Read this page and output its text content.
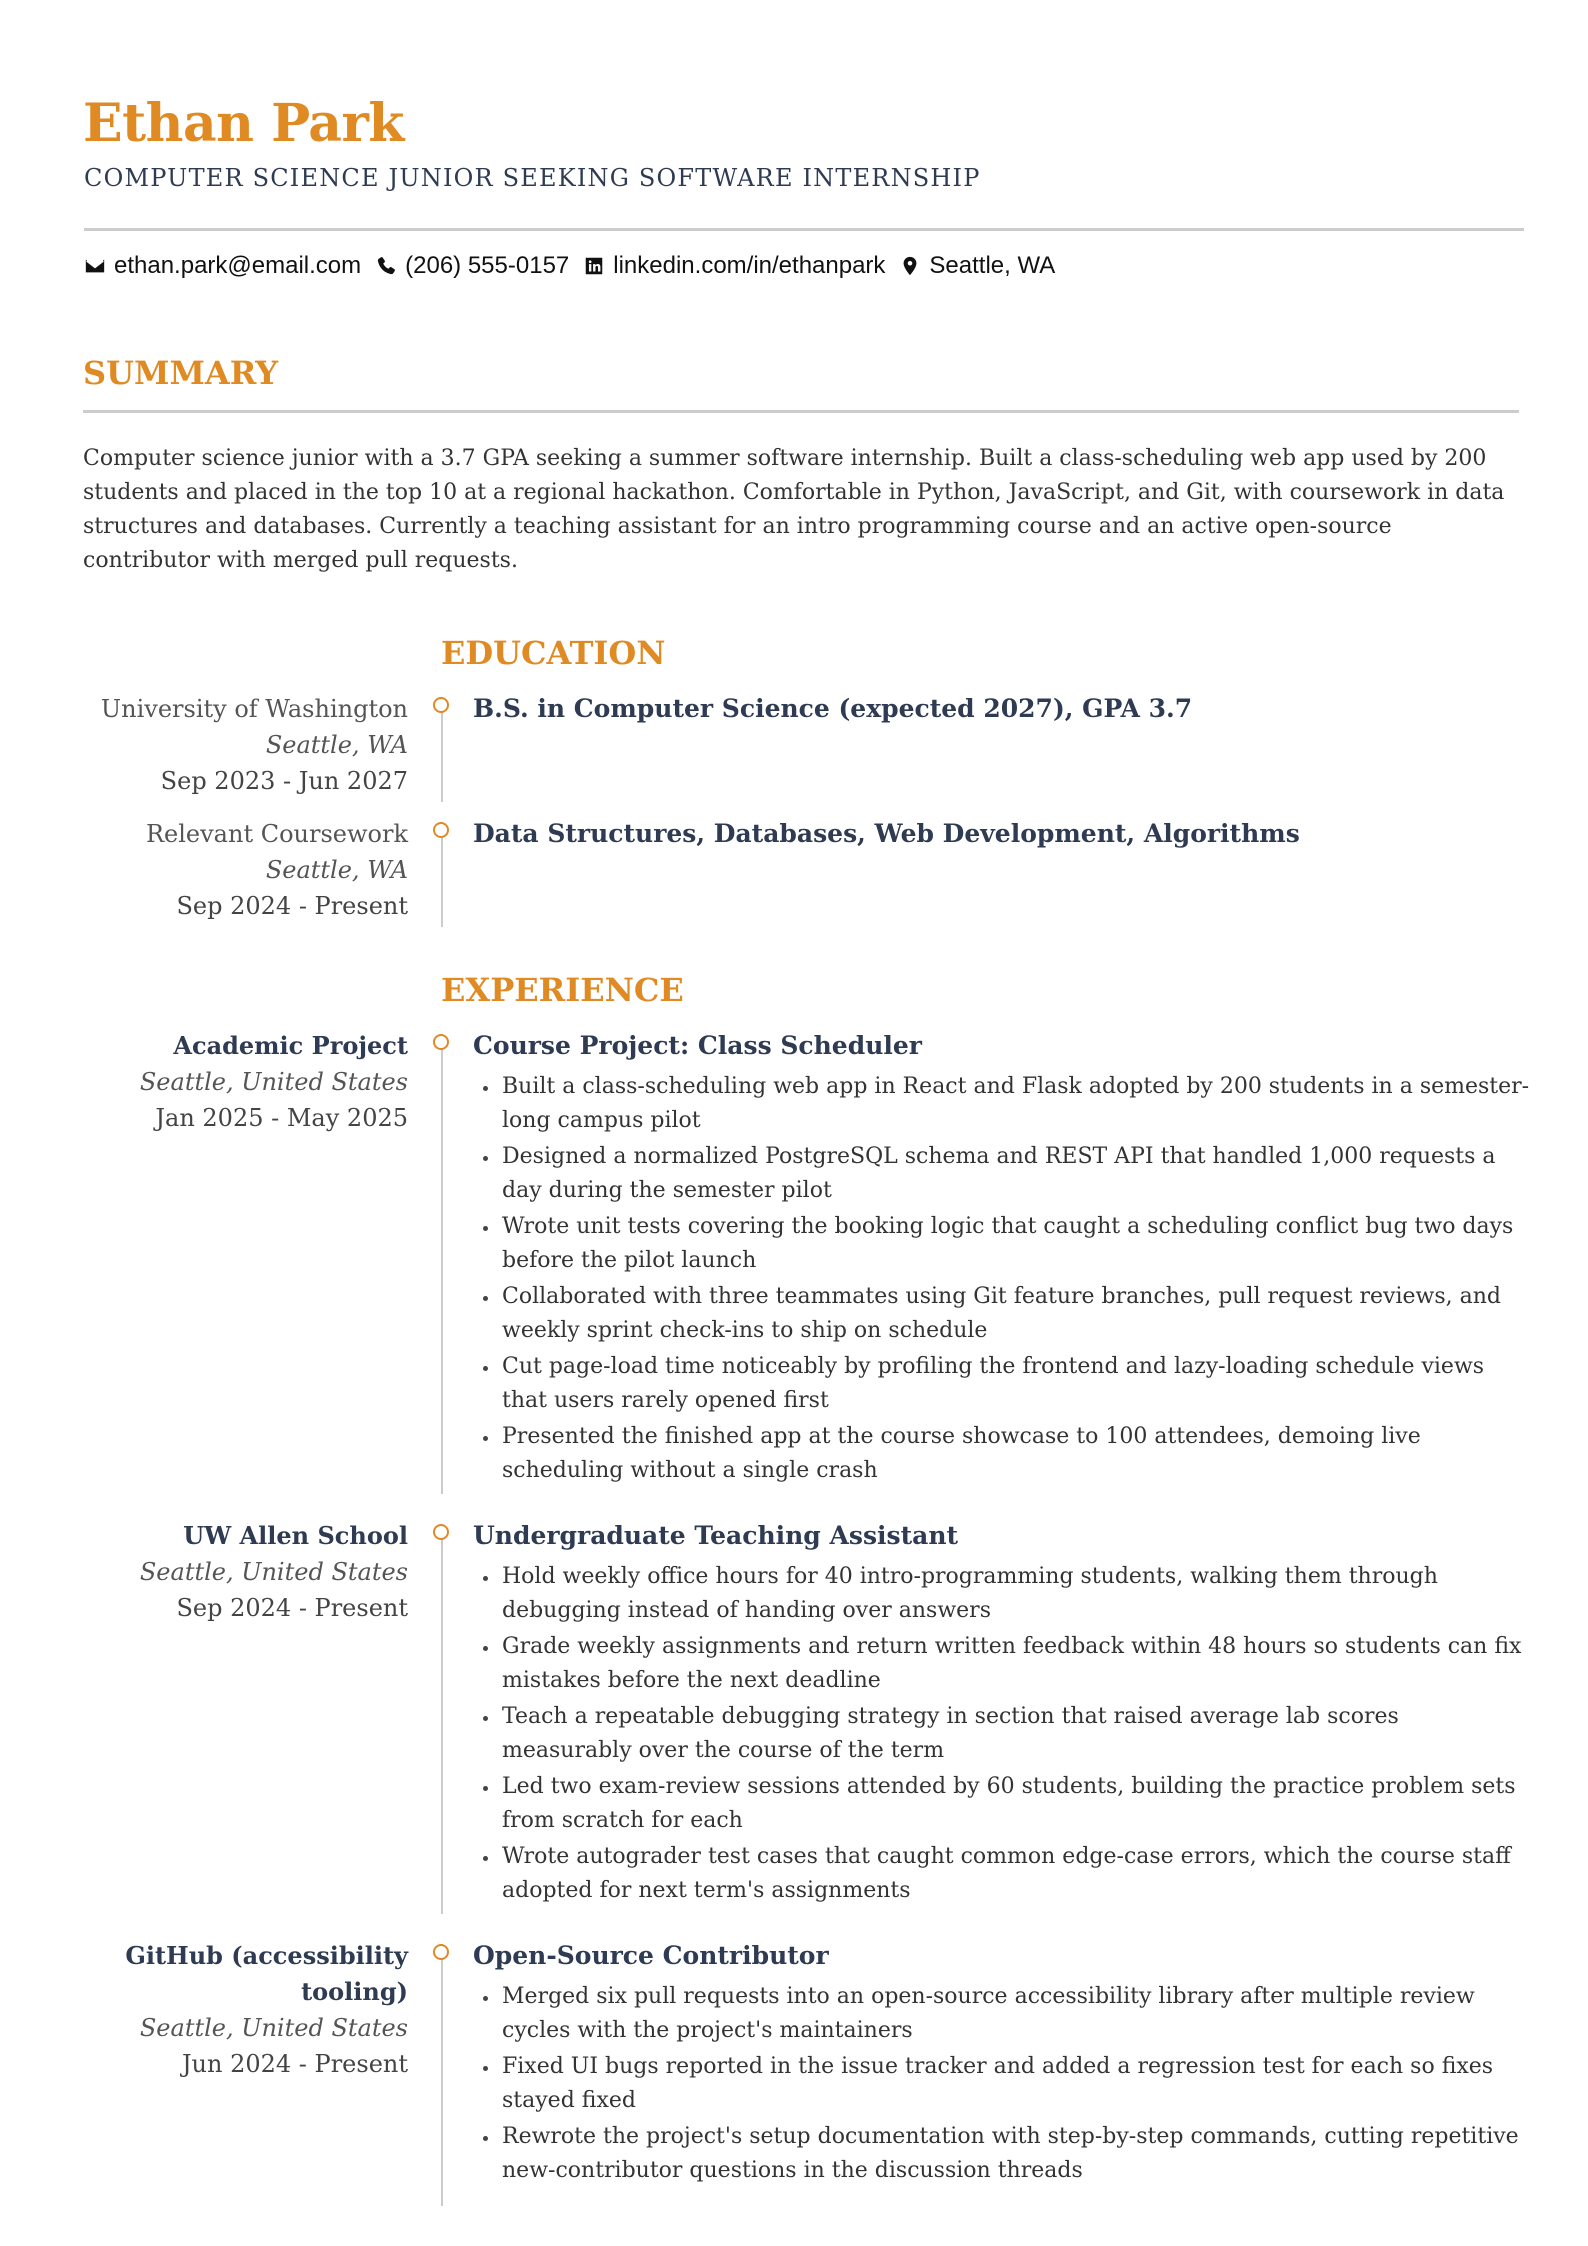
Ethan Park
COMPUTER SCIENCE JUNIOR SEEKING SOFTWARE INTERNSHIP
ethan.park@email.com (206) 555-0157 linkedin.com/in/ethanpark Seattle, WA
SUMMARY
Computer science junior with a 3.7 GPA seeking a summer software internship. Built a class-scheduling web app used by 200 students and placed in the top 10 at a regional hackathon. Comfortable in Python, JavaScript, and Git, with coursework in data structures and databases. Currently a teaching assistant for an intro programming course and an active open-source contributor with merged pull requests.
EDUCATION
University of Washington
Seattle, WA
Sep 2023 - Jun 2027
B.S. in Computer Science (expected 2027), GPA 3.7
Relevant Coursework
Seattle, WA
Sep 2024 - Present
Data Structures, Databases, Web Development, Algorithms
EXPERIENCE
Academic Project
Seattle, United States
Jan 2025 - May 2025
Course Project: Class Scheduler
Built a class-scheduling web app in React and Flask adopted by 200 students in a semester-long campus pilot
Designed a normalized PostgreSQL schema and REST API that handled 1,000 requests a day during the semester pilot
Wrote unit tests covering the booking logic that caught a scheduling conflict bug two days before the pilot launch
Collaborated with three teammates using Git feature branches, pull request reviews, and weekly sprint check-ins to ship on schedule
Cut page-load time noticeably by profiling the frontend and lazy-loading schedule views that users rarely opened first
Presented the finished app at the course showcase to 100 attendees, demoing live scheduling without a single crash
UW Allen School
Seattle, United States
Sep 2024 - Present
Undergraduate Teaching Assistant
Hold weekly office hours for 40 intro-programming students, walking them through debugging instead of handing over answers
Grade weekly assignments and return written feedback within 48 hours so students can fix mistakes before the next deadline
Teach a repeatable debugging strategy in section that raised average lab scores measurably over the course of the term
Led two exam-review sessions attended by 60 students, building the practice problem sets from scratch for each
Wrote autograder test cases that caught common edge-case errors, which the course staff adopted for next term's assignments
GitHub (accessibility
tooling)
Seattle, United States
Jun 2024 - Present
Open-Source Contributor
Merged six pull requests into an open-source accessibility library after multiple review cycles with the project's maintainers
Fixed UI bugs reported in the issue tracker and added a regression test for each so fixes stayed fixed
Rewrote the project's setup documentation with step-by-step commands, cutting repetitive new-contributor questions in the discussion threads
